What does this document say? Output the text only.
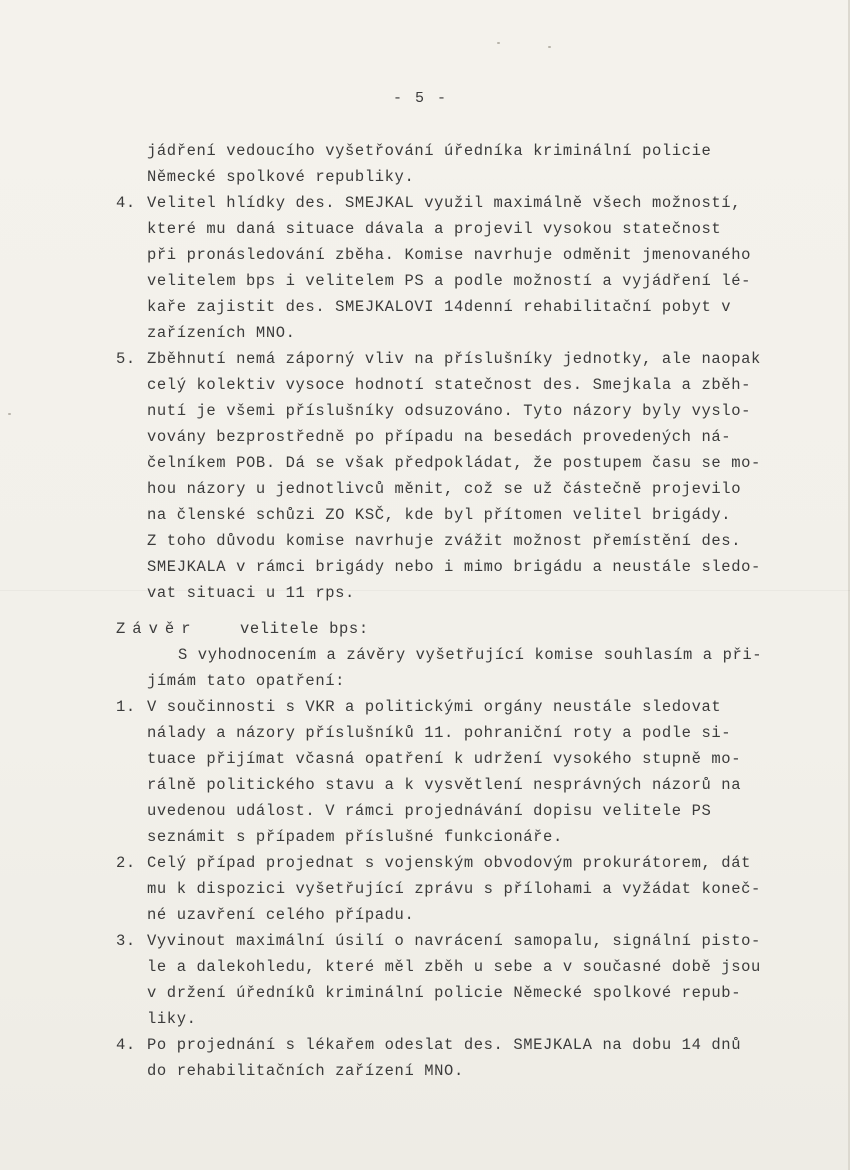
- 5 -
jádření vedoucího vyšetřování úředníka kriminální policie
Německé spolkové republiky.
4. Velitel hlídky des. SMEJKAL využil maximálně všech možností,
které mu daná situace dávala a projevil vysokou statečnost
při pronásledování zběha. Komise navrhuje odměnit jmenovaného
velitelem bps i velitelem PS a podle možností a vyjádření lé-
kaře zajistit des. SMEJKALOVI 14denní rehabilitační pobyt v
zařízeních MNO.
5. Zběhnutí nemá záporný vliv na příslušníky jednotky, ale naopak
celý kolektiv vysoce hodnotí statečnost des. Smejkala a zběh-
nutí je všemi příslušníky odsuzováno. Tyto názory byly vyslo-
vovány bezprostředně po případu na besedách provedených ná-
čelníkem POB. Dá se však předpokládat, že postupem času se mo-
hou názory u jednotlivců měnit, což se už částečně projevilo
na členské schůzi ZO KSČ, kde byl přítomen velitel brigády.
Z toho důvodu komise navrhuje zvážit možnost přemístění des.
SMEJKALA v rámci brigády nebo i mimo brigádu a neustále sledo-
vat situaci u 11 rps.
Závěr	velitele bps:
S vyhodnocením a závěry vyšetřující komise souhlasím a při-
jímám tato opatření:
1. V součinnosti s VKR a politickými orgány neustále sledovat
nálady a názory příslušníků 11. pohraniční roty a podle si-
tuace přijímat včasná opatření k udržení vysokého stupně mo-
rálně politického stavu a k vysvětlení nesprávných názorů na
uvedenou událost. V rámci projednávání dopisu velitele PS
seznámit s případem příslušné funkcionáře.
2. Celý případ projednat s vojenským obvodovým prokurátorem, dát
mu k dispozici vyšetřující zprávu s přílohami a vyžádat koneč-
né uzavření celého případu.
3. Vyvinout maximální úsilí o navrácení samopalu, signální pisto-
le a dalekohledu, které měl zběh u sebe a v současné době jsou
v držení úředníků kriminální policie Německé spolkové repub-
liky.
4. Po projednání s lékařem odeslat des. SMEJKALA na dobu 14 dnů
do rehabilitačních zařízení MNO.
